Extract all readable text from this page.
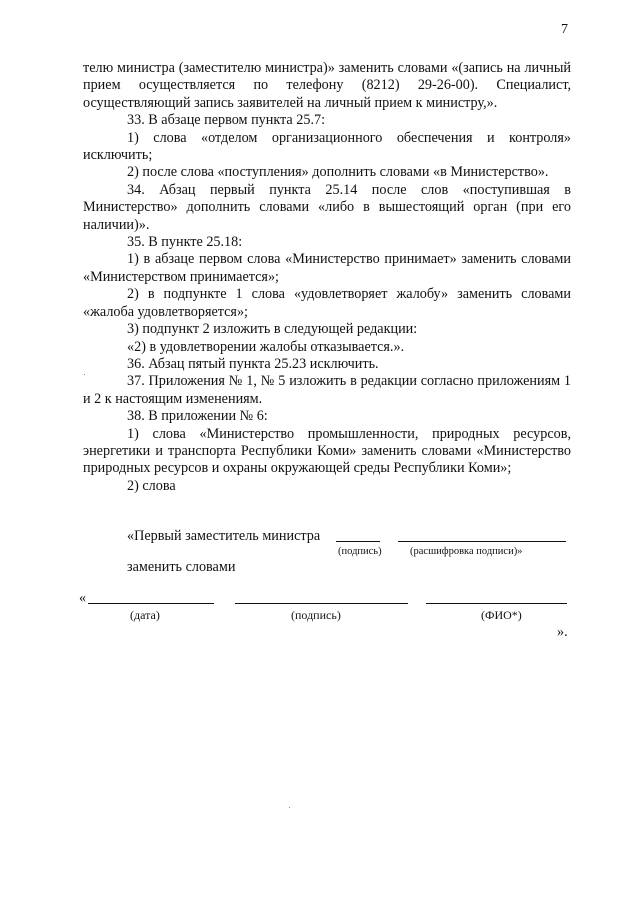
7

телю министра (заместителю министра)» заменить словами «(запись на личный прием осуществляется по телефону (8212) 29-26-00). Специалист, осуществляющий запись заявителей на личный прием к министру,».

33. В абзаце первом пункта 25.7:

1) слова «отделом организационного обеспечения и контроля» исключить;

2) после слова «поступления» дополнить словами «в Министерство».

34. Абзац первый пункта 25.14 после слов «поступившая в Министерство» дополнить словами «либо в вышестоящий орган (при его наличии)».

35. В пункте 25.18:

1) в абзаце первом слова «Министерство принимает» заменить словами «Министерством принимается»;

2) в подпункте 1 слова «удовлетворяет жалобу» заменить словами «жалоба удовлетворяется»;

3) подпункт 2 изложить в следующей редакции:

«2) в удовлетворении жалобы отказывается.».

36. Абзац пятый пункта 25.23 исключить.

37. Приложения № 1, № 5 изложить в редакции согласно приложениям 1 и 2 к настоящим изменениям.

38. В приложении № 6:

1) слова «Министерство промышленности, природных ресурсов, энергетики и транспорта Республики Коми» заменить словами «Министерство природных ресурсов и охраны окружающей среды Республики Коми»;

2) слова

«Первый заместитель министра
(подпись)	(расшифровка подписи)»
заменить словами
«
(дата)	(подпись)	(ФИО*)
».
